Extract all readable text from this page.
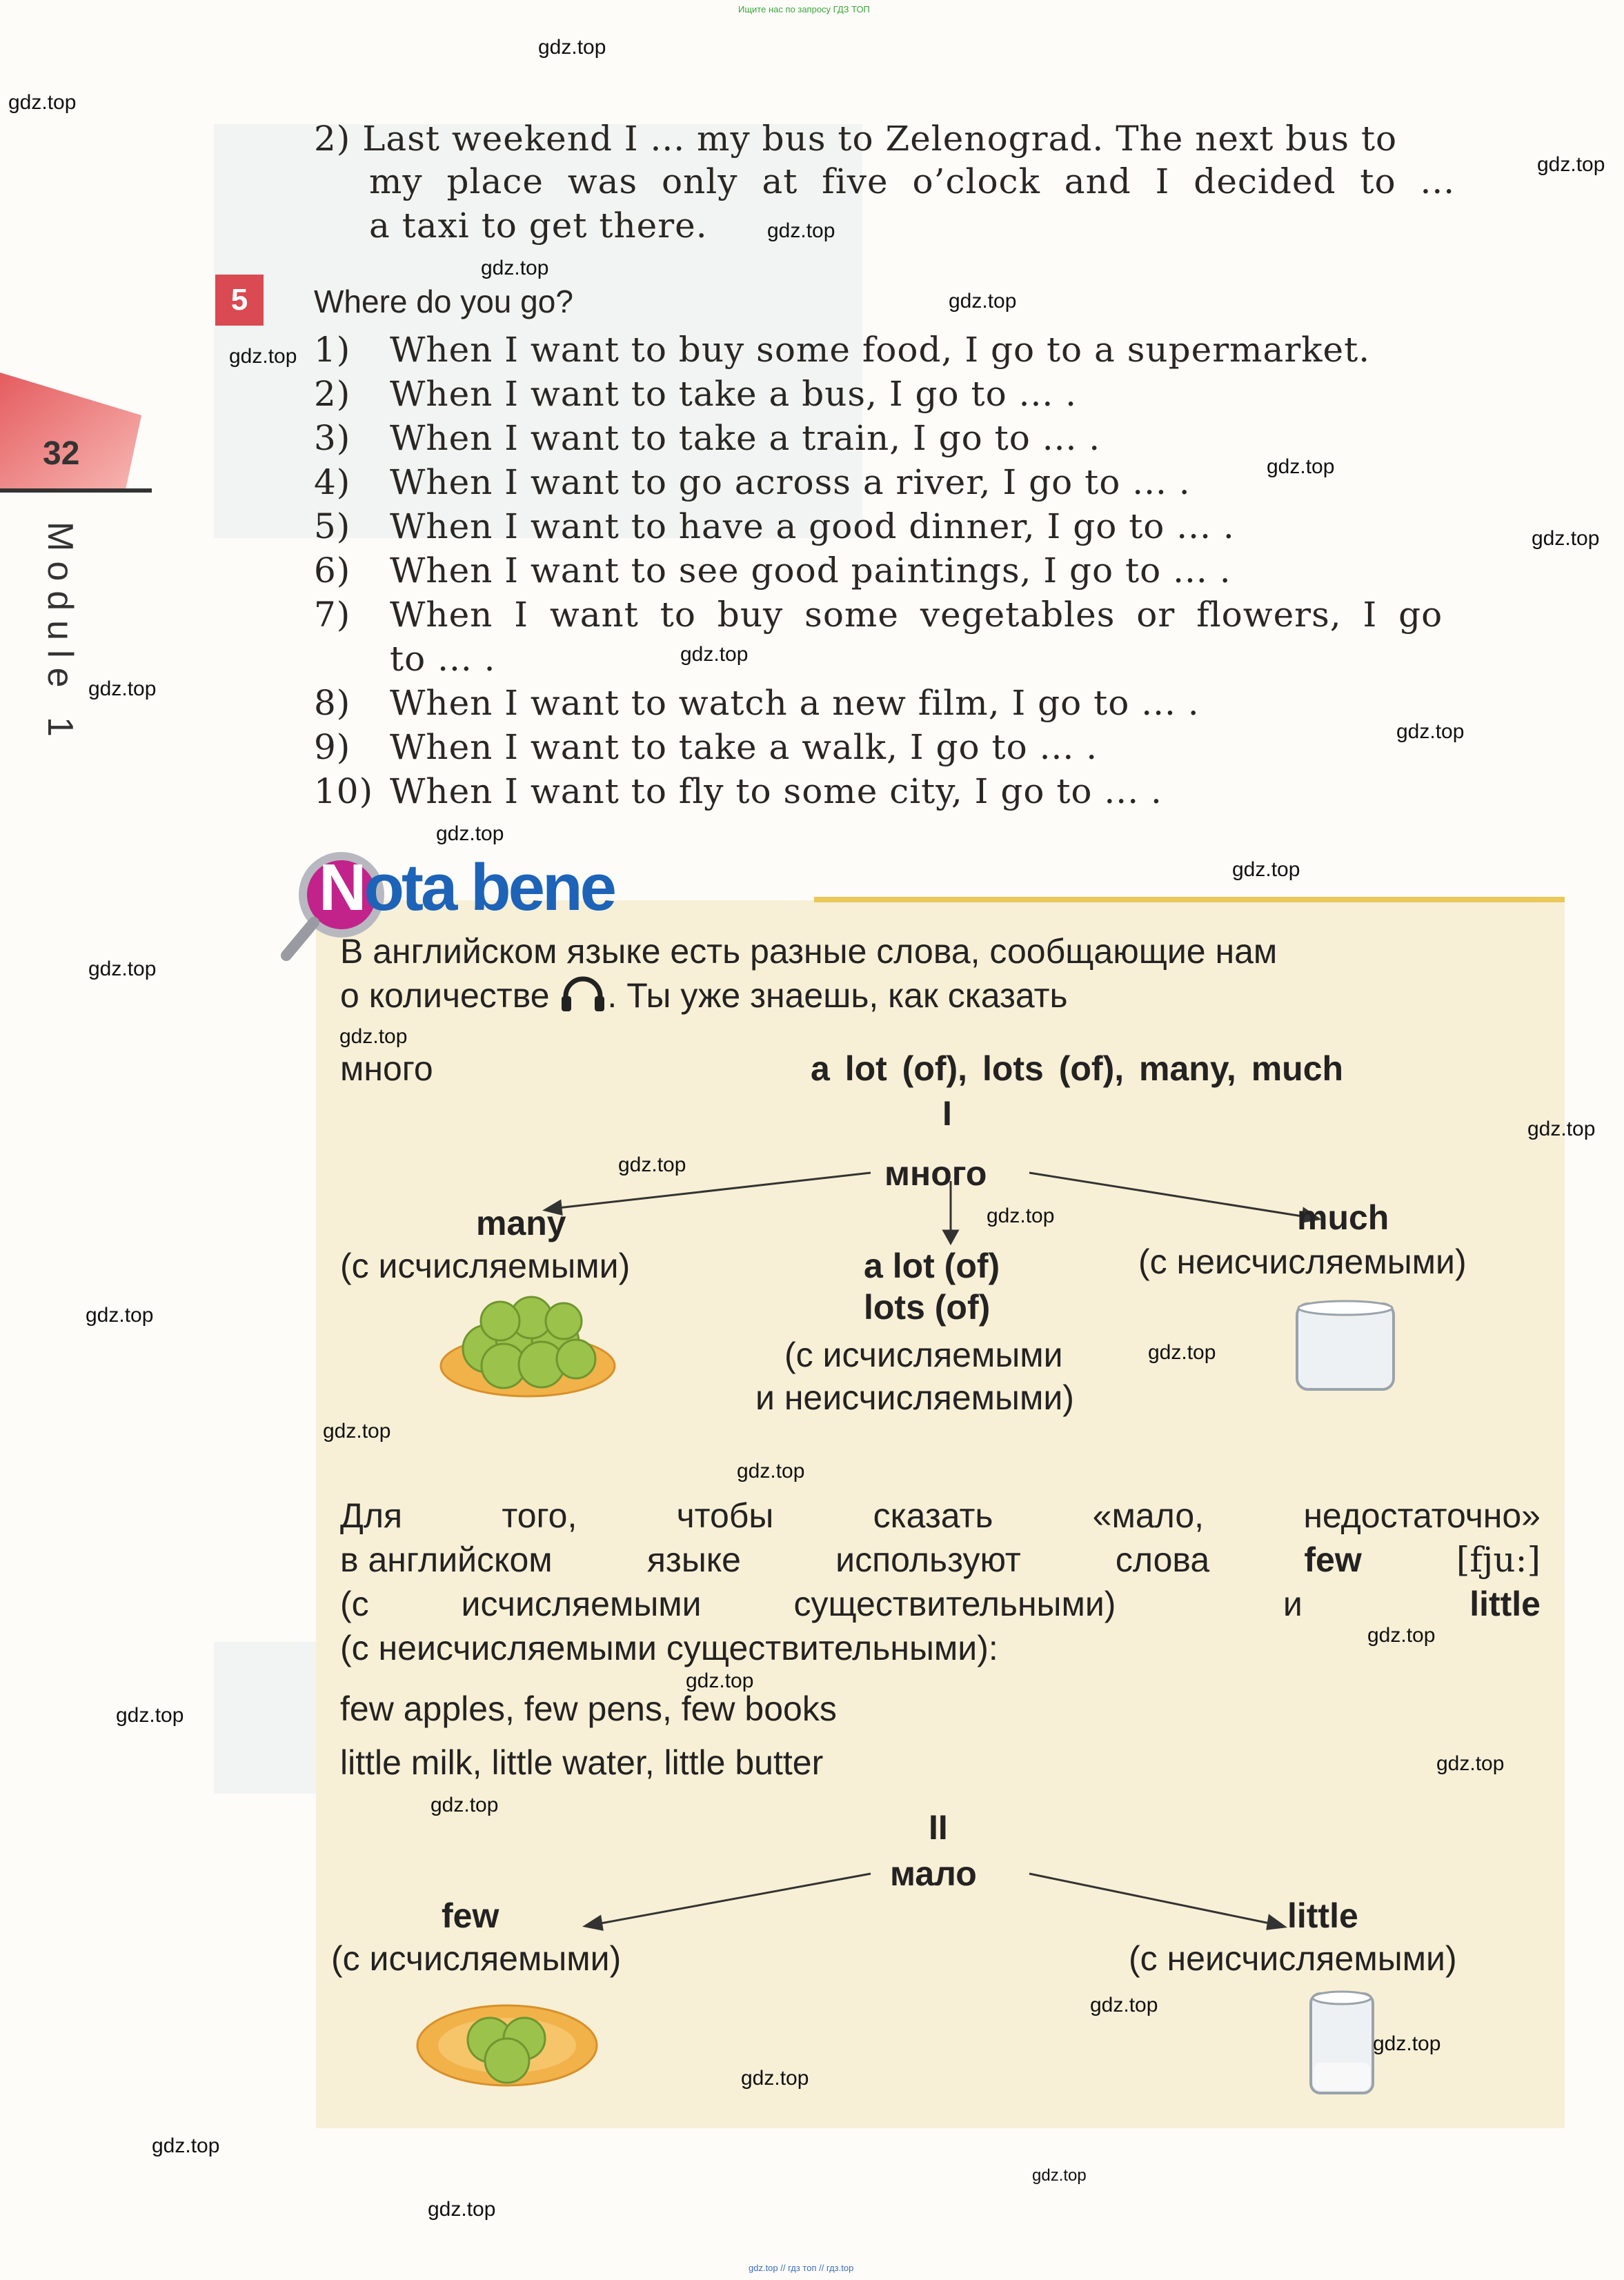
Ищите нас по запросу ГДЗ ТОП
gdz.top // гдз топ // гдз.top
32
Module 1
2) Last weekend I ... my bus to Zelenograd. The next bus to
my place was only at five o’clock and I decided to ...
a taxi to get there.
5	Where do you go?
1) When I want to buy some food, I go to a supermarket.
2) When I want to take a bus, I go to ... .
3) When I want to take a train, I go to ... .
4) When I want to go across a river, I go to ... .
5) When I want to have a good dinner, I go to ... .
6) When I want to see good paintings, I go to ... .
7) When I want to buy some vegetables or flowers, I go
to ... .
8) When I want to watch a new film, I go to ... .
9) When I want to take a walk, I go to ... .
10) When I want to fly to some city, I go to ... .
Nota bene
В английском языке есть разные слова, сообщающие нам
о количестве . Ты уже знаешь, как сказать
много	a lot (of), lots (of), many, much
I
много
many
(с исчисляемыми)
much
(с неисчисляемыми)
a lot (of)
lots (of)
(с исчисляемыми
и неисчисляемыми)
Для	того,	чтобы	сказать	«мало,	недостаточно»
в английском	языке	используют	слова	few	[fju:]
(с исчисляемыми существительными)	и	little
(с неисчисляемыми существительными):
few apples, few pens, few books
little milk, little water, little butter
II
мало
few
(с исчисляемыми)
little
(с неисчисляемыми)
gdz.top
gdz.top
gdz.top
gdz.top
gdz.top
gdz.top
gdz.top
gdz.top
gdz.top
gdz.top
gdz.top
gdz.top
gdz.top
gdz.top
gdz.top
gdz.top
gdz.top
gdz.top
gdz.top
gdz.top
gdz.top
gdz.top
gdz.top
gdz.top
gdz.top
gdz.top
gdz.top
gdz.top
gdz.top
gdz.top
gdz.top
gdz.top
gdz.top
gdz.top
